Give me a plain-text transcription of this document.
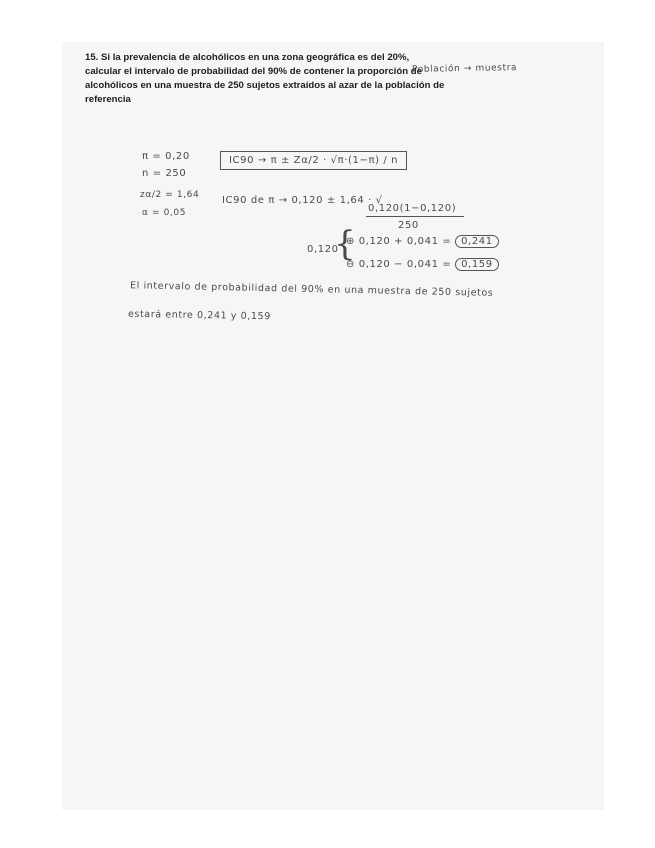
Población → muestra
15. Si la prevalencia de alcohólicos en una zona geográfica es del 20%, calcular el intervalo de probabilidad del 90% de contener la proporción de alcohólicos en una muestra de 250 sujetos extraídos al azar de la población de referencia
π = 0,20
n = 250
zα/2 = 1,64
α = 0,05
IC90 → π ± Zα/2 · √π·(1−π) / n
IC90 de π → 0,120 ± 1,64 · √
0,120(1−0,120)
250
0,120
{
⊕ 0,120 + 0,041 = 0,241
⊖ 0,120 − 0,041 = 0,159
El intervalo de probabilidad del 90% en una muestra de 250 sujetos
estará entre 0,241 y 0,159
